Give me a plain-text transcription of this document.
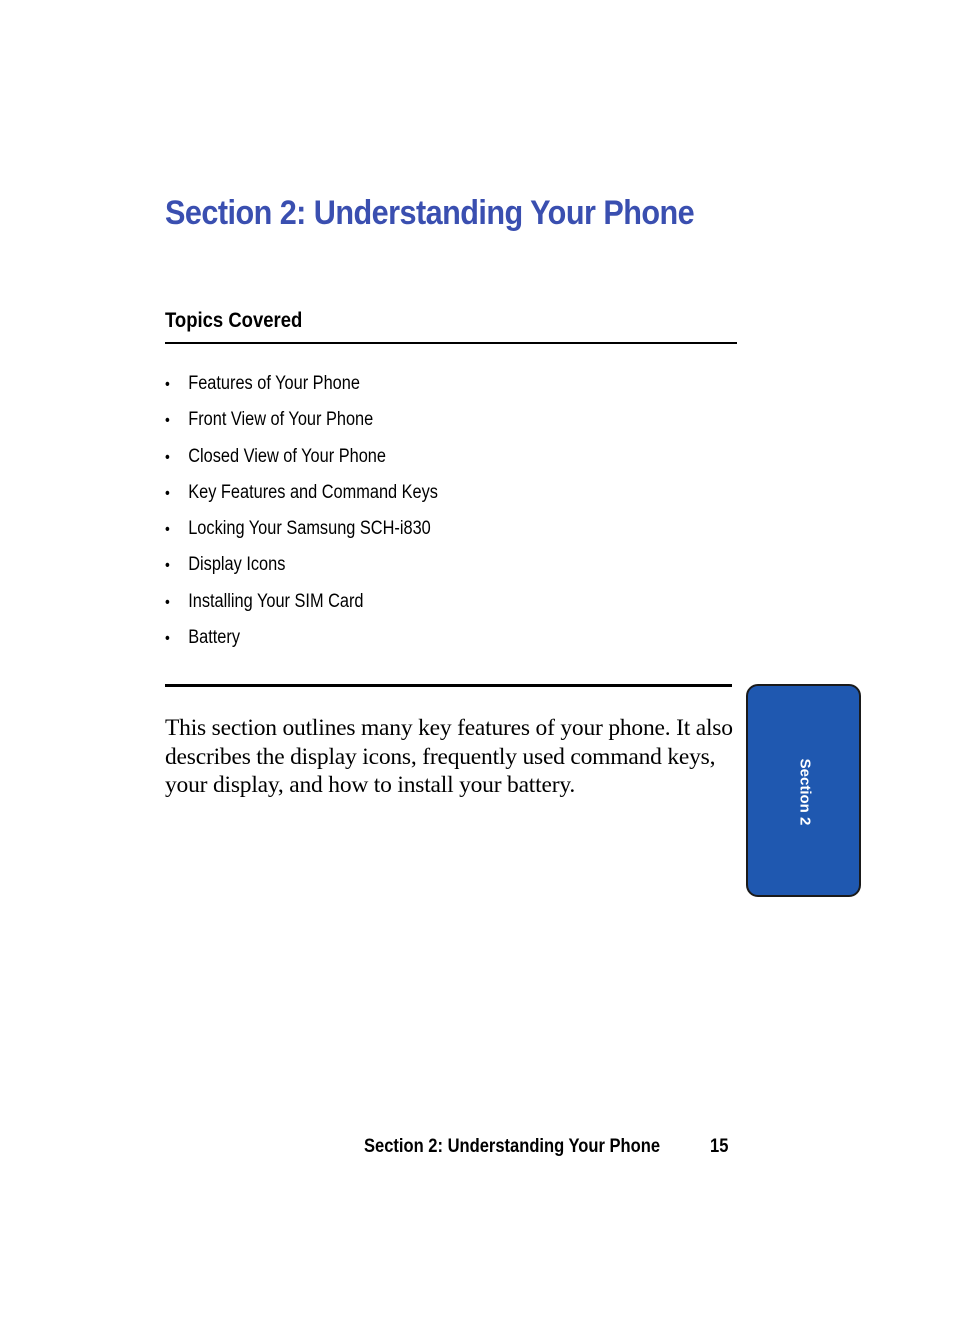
Section 2: Understanding Your Phone
Topics Covered
• Features of Your Phone
• Front View of Your Phone
• Closed View of Your Phone
• Key Features and Command Keys
• Locking Your Samsung SCH-i830
• Display Icons
• Installing Your SIM Card
• Battery

This section outlines many key features of your phone. It also describes the display icons, frequently used command keys, your display, and how to install your battery.	Section 2

Section 2: Understanding Your Phone	15
